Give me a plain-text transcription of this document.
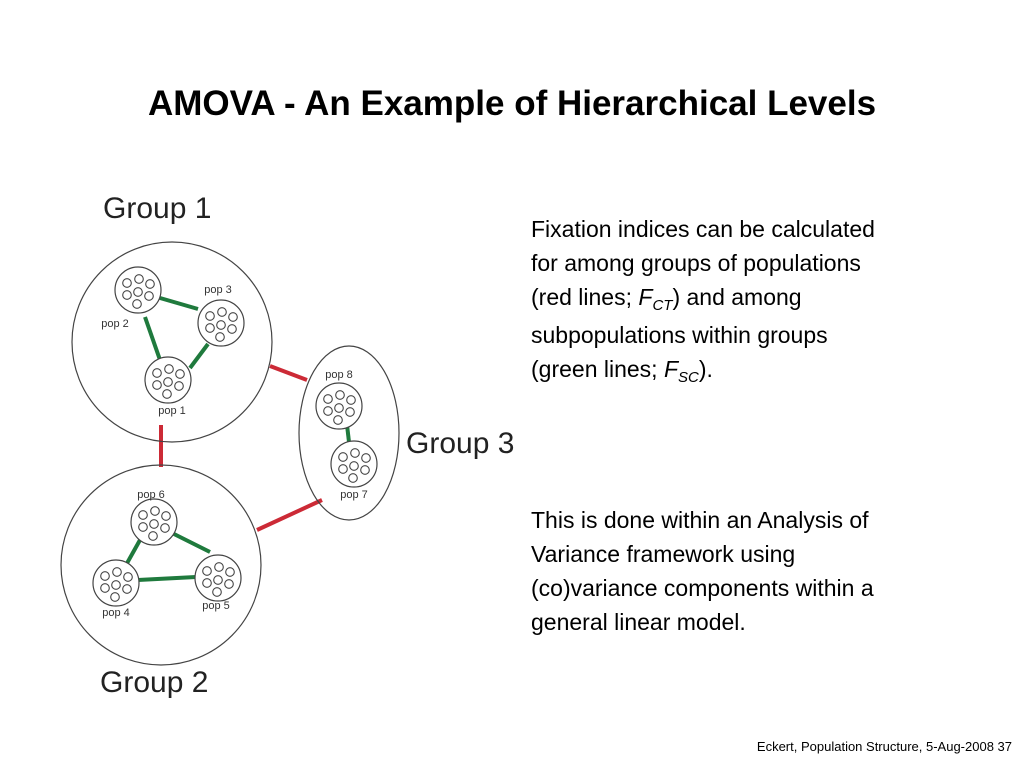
AMOVA - An Example of Hierarchical Levels
pop 1
pop 2
pop 3
pop 4
pop 5
pop 6	pop 7
pop 8
Group 1
Group 2
Group 3
Fixation indices can be calculated
for among groups of populations
(red lines; $F_{CT}$) and among
subpopulations within groups
(green lines; $F_{SC}$).
This is done within an Analysis of
Variance framework using
(co)variance components within a
general linear model.
Eckert, Population Structure, 5-Aug-2008 37
